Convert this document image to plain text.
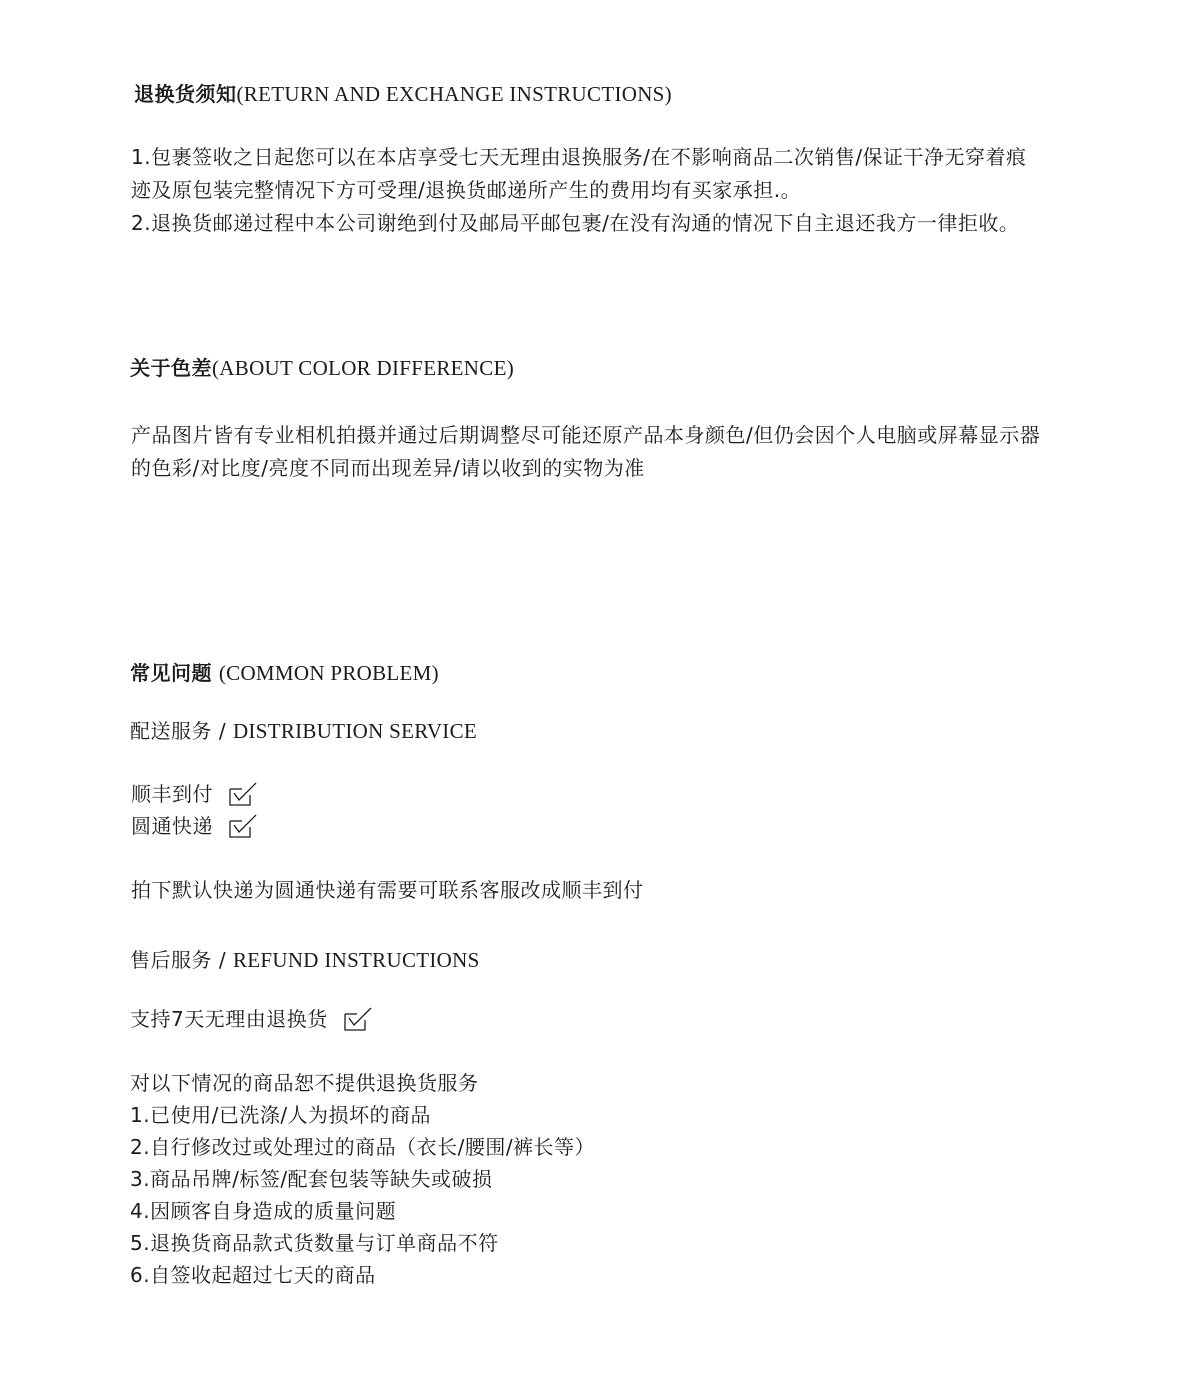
退换货须知(RETURN AND EXCHANGE INSTRUCTIONS)
1.包裹签收之日起您可以在本店享受七天无理由退换服务/在不影响商品二次销售/保证干净无穿着痕
迹及原包装完整情况下方可受理/退换货邮递所产生的费用均有买家承担.。
2.退换货邮递过程中本公司谢绝到付及邮局平邮包裹/在没有沟通的情况下自主退还我方一律拒收。
关于色差(ABOUT COLOR DIFFERENCE)
产品图片皆有专业相机拍摄并通过后期调整尽可能还原产品本身颜色/但仍会因个人电脑或屏幕显示器
的色彩/对比度/亮度不同而出现差异/请以收到的实物为准
常见问题 (COMMON PROBLEM)
配送服务 / DISTRIBUTION SERVICE
顺丰到付
圆通快递
拍下默认快递为圆通快递有需要可联系客服改成顺丰到付
售后服务 / REFUND INSTRUCTIONS
支持7天无理由退换货
对以下情况的商品恕不提供退换货服务
1.已使用/已洗涤/人为损坏的商品
2.自行修改过或处理过的商品（衣长/腰围/裤长等）
3.商品吊牌/标签/配套包装等缺失或破损
4.因顾客自身造成的质量问题
5.退换货商品款式货数量与订单商品不符
6.自签收起超过七天的商品
